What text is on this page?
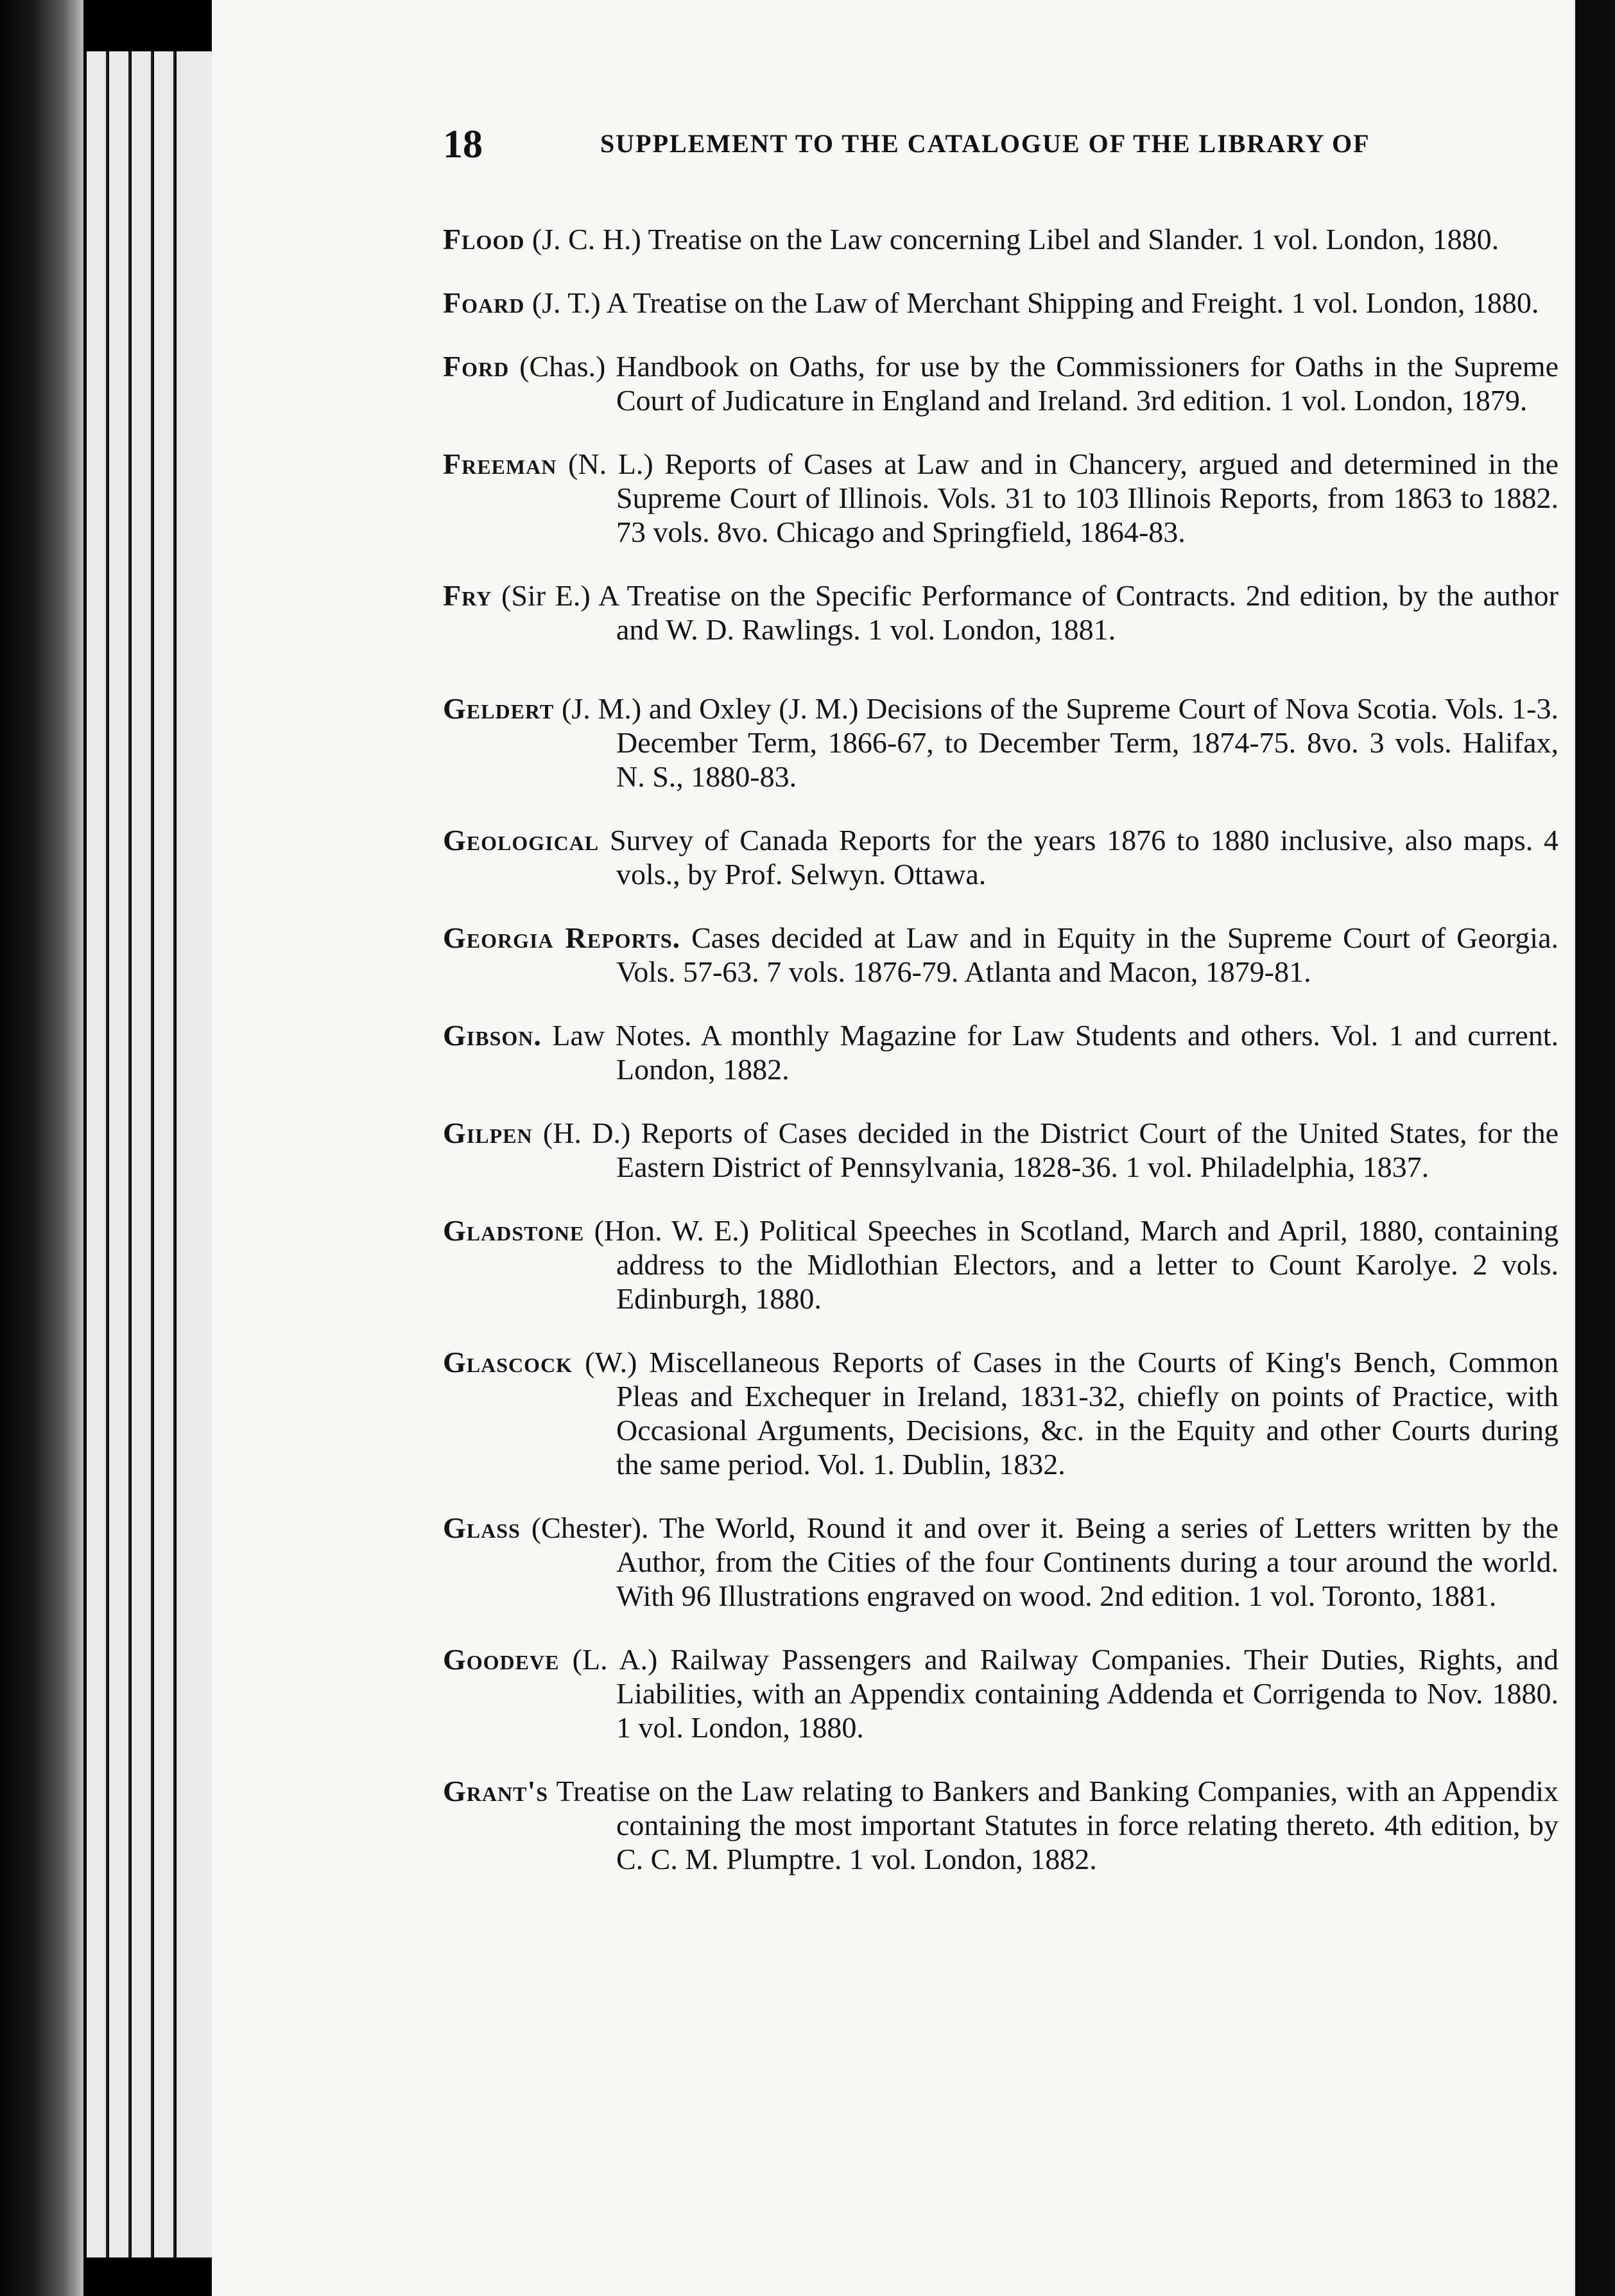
18	SUPPLEMENT TO THE CATALOGUE OF THE LIBRARY OF

Flood (J. C. H.) Treatise on the Law concerning Libel and Slander. 1 vol. London, 1880.

Foard (J. T.) A Treatise on the Law of Merchant Shipping and Freight. 1 vol. London, 1880.

Ford (Chas.) Handbook on Oaths, for use by the Commissioners for Oaths in the Supreme Court of Judicature in England and Ireland. 3rd edition. 1 vol. London, 1879.

Freeman (N. L.) Reports of Cases at Law and in Chancery, argued and determined in the Supreme Court of Illinois. Vols. 31 to 103 Illinois Reports, from 1863 to 1882. 73 vols. 8vo. Chicago and Springfield, 1864-83.

Fry (Sir E.) A Treatise on the Specific Performance of Contracts. 2nd edition, by the author and W. D. Rawlings. 1 vol. London, 1881.

Geldert (J. M.) and Oxley (J. M.) Decisions of the Supreme Court of Nova Scotia. Vols. 1-3. December Term, 1866-67, to December Term, 1874-75. 8vo. 3 vols. Halifax, N. S., 1880-83.

Geological Survey of Canada Reports for the years 1876 to 1880 inclusive, also maps. 4 vols., by Prof. Selwyn. Ottawa.

Georgia Reports. Cases decided at Law and in Equity in the Supreme Court of Georgia. Vols. 57-63. 7 vols. 1876-79. Atlanta and Macon, 1879-81.

Gibson. Law Notes. A monthly Magazine for Law Students and others. Vol. 1 and current. London, 1882.

Gilpen (H. D.) Reports of Cases decided in the District Court of the United States, for the Eastern District of Pennsylvania, 1828-36. 1 vol. Philadelphia, 1837.

Gladstone (Hon. W. E.) Political Speeches in Scotland, March and April, 1880, containing address to the Midlothian Electors, and a letter to Count Karolye. 2 vols. Edinburgh, 1880.

Glascock (W.) Miscellaneous Reports of Cases in the Courts of King's Bench, Common Pleas and Exchequer in Ireland, 1831-32, chiefly on points of Practice, with Occasional Arguments, Decisions, &c. in the Equity and other Courts during the same period. Vol. 1. Dublin, 1832.

Glass (Chester). The World, Round it and over it. Being a series of Letters written by the Author, from the Cities of the four Continents during a tour around the world. With 96 Illustrations engraved on wood. 2nd edition. 1 vol. Toronto, 1881.

Goodeve (L. A.) Railway Passengers and Railway Companies. Their Duties, Rights, and Liabilities, with an Appendix containing Addenda et Corrigenda to Nov. 1880. 1 vol. London, 1880.

Grant's Treatise on the Law relating to Bankers and Banking Companies, with an Appendix containing the most important Statutes in force relating thereto. 4th edition, by C. C. M. Plumptre. 1 vol. London, 1882.
